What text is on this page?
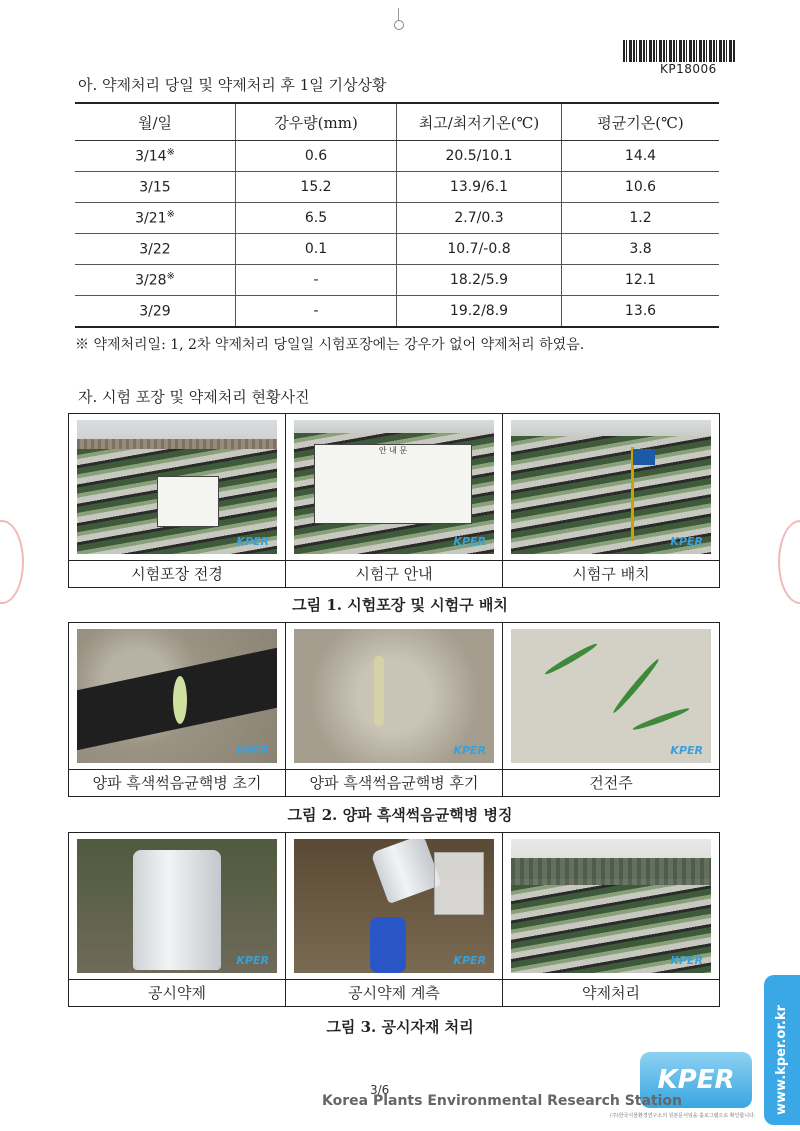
KP18006
아. 약제처리 당일 및 약제처리 후 1일 기상상황
월/일	강우량(mm)	최고/최저기온(℃)	평균기온(℃)
3/14※	0.6	20.5/10.1	14.4
3/15	15.2	13.9/6.1	10.6
3/21※	6.5	2.7/0.3	1.2
3/22	0.1	10.7/-0.8	3.8
3/28※	-	18.2/5.9	12.1
3/29	-	19.2/8.9	13.6
※ 약제처리일: 1, 2차 약제처리 당일일 시험포장에는 강우가 없어 약제처리 하였음.
자. 시험 포장 및 약제처리 현황사진
KPER
안 내 문
KPER	KPER
시험포장 전경	시험구 안내	시험구 배치
그림 1. 시험포장 및 시험구 배치
KPER	KPER	KPER
양파 흑색썩음균핵병 초기	양파 흑색썩음균핵병 후기	건전주
그림 2. 양파 흑색썩음균핵병 병징
KPER	KPER	KPER
공시약제	공시약제 계측	약제처리
그림 3. 공시자재 처리
KPER
3/6
Korea Plants Environmental Research Station
(주)한국식물환경연구소의 원본문서임을 홀로그램으로 확인합니다.
www.kper.or.kr
